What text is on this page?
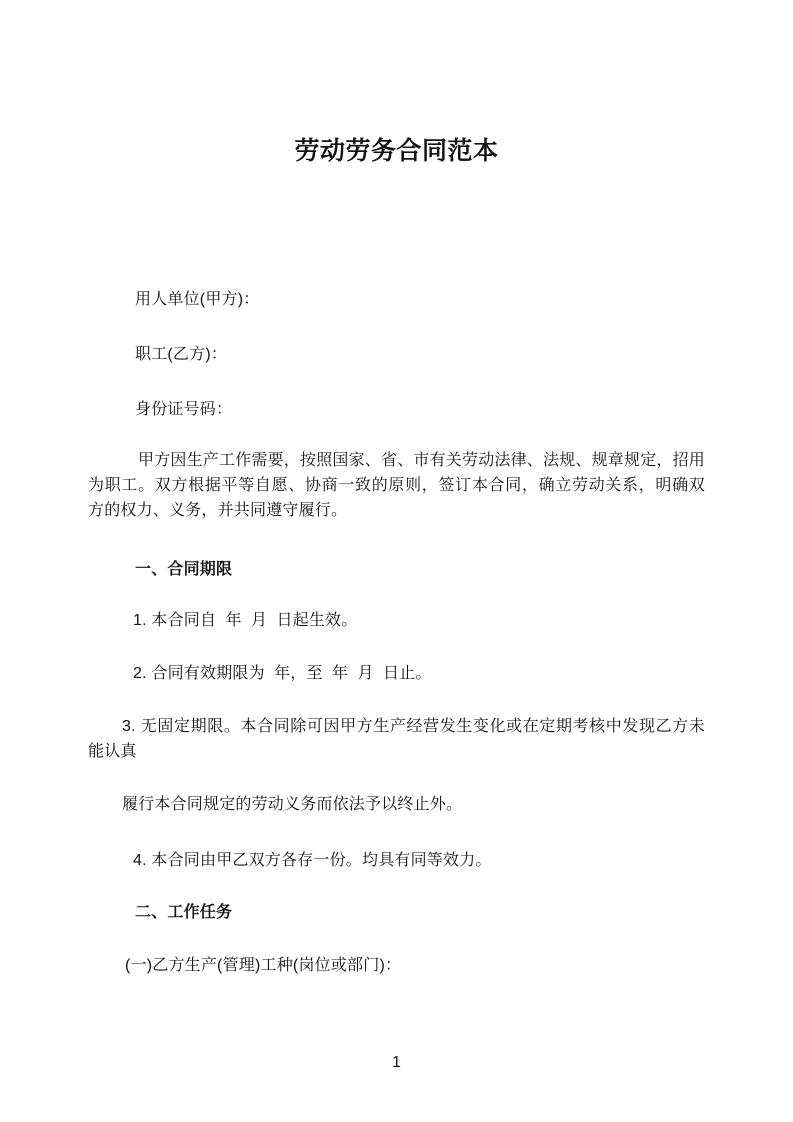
劳动劳务合同范本
用人单位(甲方)：
职工(乙方)：
身份证号码：
甲方因生产工作需要，按照国家、省、市有关劳动法律、法规、规章规定，招用
为职工。双方根据平等自愿、协商一致的原则，签订本合同，确立劳动关系，明确双
方的权力、义务，并共同遵守履行。
一、合同期限
1. 本合同自  年  月  日起生效。
2. 合同有效期限为  年，至  年  月  日止。
3. 无固定期限。本合同除可因甲方生产经营发生变化或在定期考核中发现乙方未
能认真
履行本合同规定的劳动义务而依法予以终止外。
4. 本合同由甲乙双方各存一份。均具有同等效力。
二、工作任务
(一)乙方生产(管理)工种(岗位或部门)：
1
